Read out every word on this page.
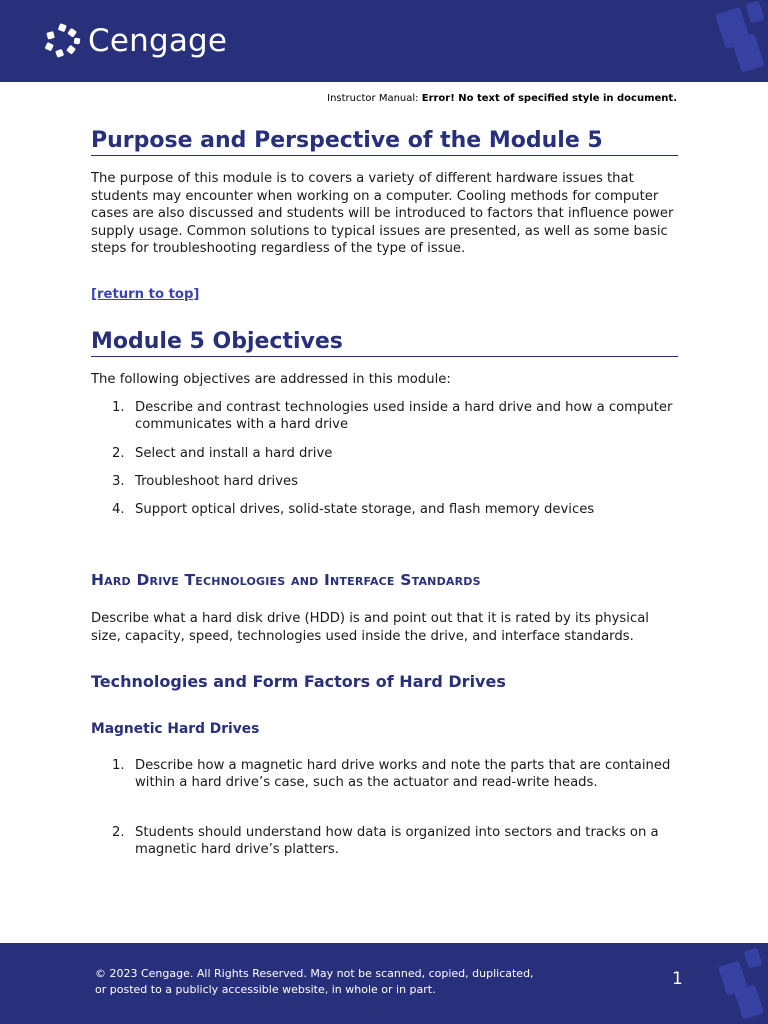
Cengage
Instructor Manual: Error! No text of specified style in document.
Purpose and Perspective of the Module 5

The purpose of this module is to covers a variety of different hardware issues that students may encounter when working on a computer. Cooling methods for computer cases are also discussed and students will be introduced to factors that influence power supply usage. Common solutions to typical issues are presented, as well as some basic steps for troubleshooting regardless of the type of issue.

[return to top]
Module 5 Objectives

The following objectives are addressed in this module:

1. Describe and contrast technologies used inside a hard drive and how a computer communicates with a hard drive
2. Select and install a hard drive
3. Troubleshoot hard drives
4. Support optical drives, solid-state storage, and flash memory devices
Hard Drive Technologies and Interface Standards

Describe what a hard disk drive (HDD) is and point out that it is rated by its physical size, capacity, speed, technologies used inside the drive, and interface standards.

Technologies and Form Factors of Hard Drives
Magnetic Hard Drives
1. Describe how a magnetic hard drive works and note the parts that are contained within a hard drive’s case, such as the actuator and read-write heads.
2. Students should understand how data is organized into sectors and tracks on a magnetic hard drive’s platters.
© 2023 Cengage. All Rights Reserved. May not be scanned, copied, duplicated, or posted to a publicly accessible website, in whole or in part.	1
